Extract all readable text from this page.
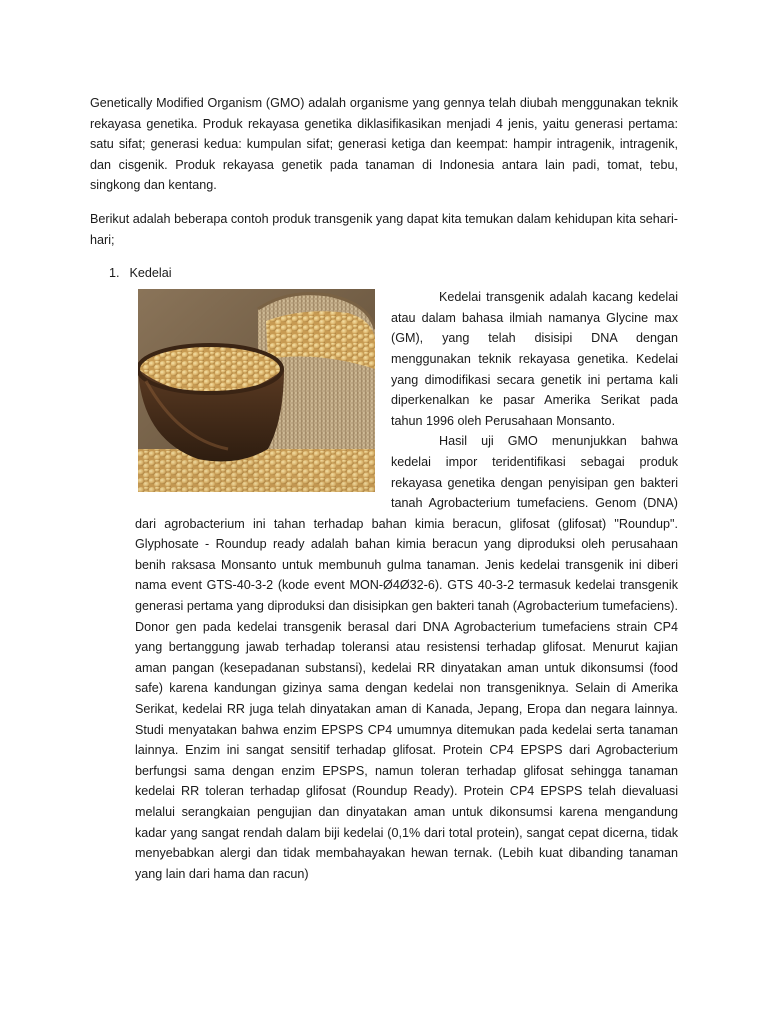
Genetically Modified Organism (GMO) adalah organisme yang gennya telah diubah menggunakan teknik rekayasa genetika. Produk rekayasa genetika diklasifikasikan menjadi 4 jenis, yaitu generasi pertama: satu sifat; generasi kedua: kumpulan sifat; generasi ketiga dan keempat: hampir intragenik, intragenik, dan cisgenik. Produk rekayasa genetik pada tanaman di Indonesia antara lain padi, tomat, tebu, singkong dan kentang.

Berikut adalah beberapa contoh produk transgenik yang dapat kita temukan dalam kehidupan kita sehari-hari;

1. Kedelai

Kedelai transgenik adalah kacang kedelai atau dalam bahasa ilmiah namanya Glycine max (GM), yang telah disisipi DNA dengan menggunakan teknik rekayasa genetika. Kedelai yang dimodifikasi secara genetik ini pertama kali diperkenalkan ke pasar Amerika Serikat pada tahun 1996 oleh Perusahaan Monsanto.

Hasil uji GMO menunjukkan bahwa kedelai impor teridentifikasi sebagai produk rekayasa genetika dengan penyisipan gen bakteri tanah Agrobacterium tumefaciens. Genom (DNA)

dari agrobacterium ini tahan terhadap bahan kimia beracun, glifosat (glifosat) "Roundup". Glyphosate - Roundup ready adalah bahan kimia beracun yang diproduksi oleh perusahaan benih raksasa Monsanto untuk membunuh gulma tanaman. Jenis kedelai transgenik ini diberi nama event GTS-40-3-2 (kode event MON-Ø4Ø32-6). GTS 40-3-2 termasuk kedelai transgenik generasi pertama yang diproduksi dan disisipkan gen bakteri tanah (Agrobacterium tumefaciens). Donor gen pada kedelai transgenik berasal dari DNA Agrobacterium tumefaciens strain CP4 yang bertanggung jawab terhadap toleransi atau resistensi terhadap glifosat. Menurut kajian aman pangan (kesepadanan substansi), kedelai RR dinyatakan aman untuk dikonsumsi (food safe) karena kandungan gizinya sama dengan kedelai non transgeniknya. Selain di Amerika Serikat, kedelai RR juga telah dinyatakan aman di Kanada, Jepang, Eropa dan negara lainnya. Studi menyatakan bahwa enzim EPSPS CP4 umumnya ditemukan pada kedelai serta tanaman lainnya. Enzim ini sangat sensitif terhadap glifosat. Protein CP4 EPSPS dari Agrobacterium berfungsi sama dengan enzim EPSPS, namun toleran terhadap glifosat sehingga tanaman kedelai RR toleran terhadap glifosat (Roundup Ready). Protein CP4 EPSPS telah dievaluasi melalui serangkaian pengujian dan dinyatakan aman untuk dikonsumsi karena mengandung kadar yang sangat rendah dalam biji kedelai (0,1% dari total protein), sangat cepat dicerna, tidak menyebabkan alergi dan tidak membahayakan hewan ternak. (Lebih kuat dibanding tanaman yang lain dari hama dan racun)
